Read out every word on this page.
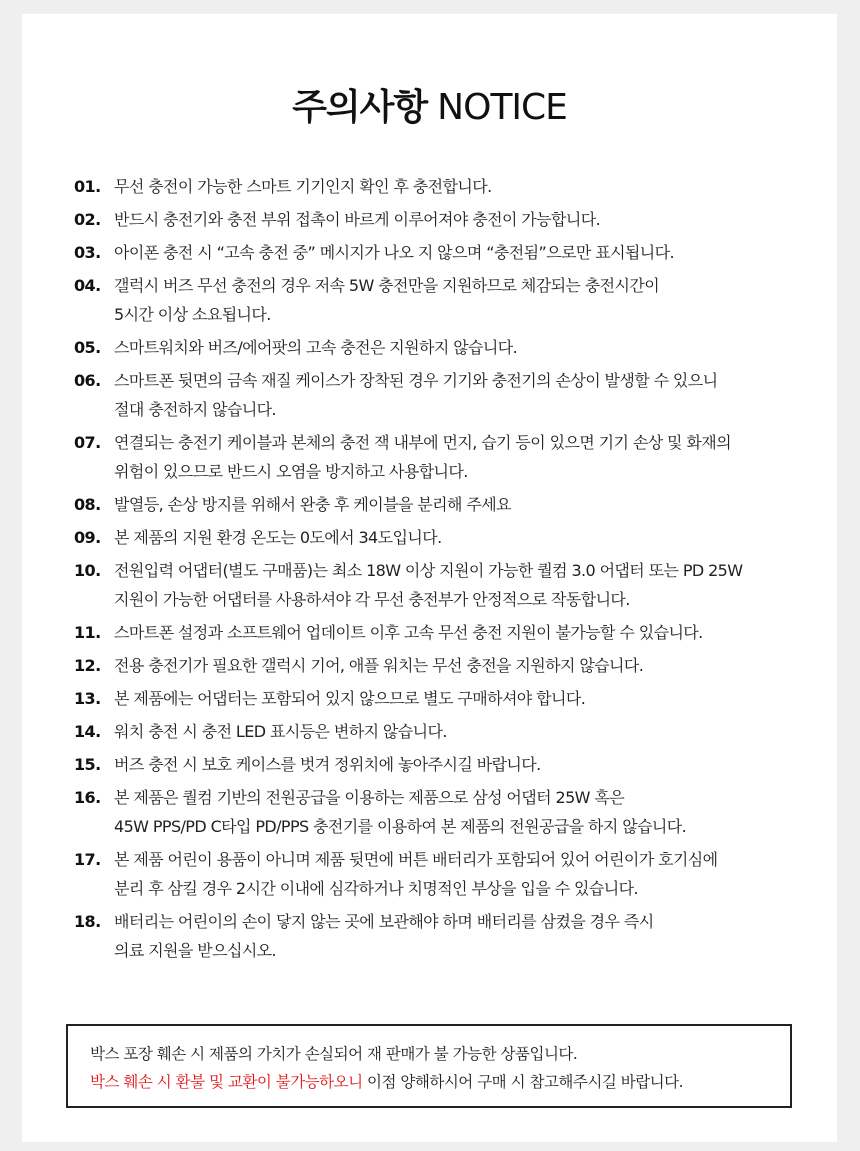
주의사항 NOTICE
01. 무선 충전이 가능한 스마트 기기인지 확인 후 충전합니다.
02. 반드시 충전기와 충전 부위 접촉이 바르게 이루어져야 충전이 가능합니다.
03. 아이폰 충전 시 “고속 충전 중” 메시지가 나오 지 않으며 “충전됨”으로만 표시됩니다.
04. 갤럭시 버즈 무선 충전의 경우 저속 5W 충전만을 지원하므로 체감되는 충전시간이
5시간 이상 소요됩니다.
05. 스마트워치와 버즈/에어팟의 고속 충전은 지원하지 않습니다.
06. 스마트폰 뒷면의 금속 재질 케이스가 장착된 경우 기기와 충전기의 손상이 발생할 수 있으니
절대 충전하지 않습니다.
07. 연결되는 충전기 케이블과 본체의 충전 잭 내부에 먼지, 습기 등이 있으면 기기 손상 및 화재의
위험이 있으므로 반드시 오염을 방지하고 사용합니다.
08. 발열등, 손상 방지를 위해서 완충 후 케이블을 분리해 주세요
09. 본 제품의 지원 환경 온도는 0도에서 34도입니다.
10. 전원입력 어댑터(별도 구매품)는 최소 18W 이상 지원이 가능한 퀄컴 3.0 어댑터 또는 PD 25W
지원이 가능한 어댑터를 사용하셔야 각 무선 충전부가 안정적으로 작동합니다.
11. 스마트폰 설정과 소프트웨어 업데이트 이후 고속 무선 충전 지원이 불가능할 수 있습니다.
12. 전용 충전기가 필요한 갤럭시 기어, 애플 워치는 무선 충전을 지원하지 않습니다.
13. 본 제품에는 어댑터는 포함되어 있지 않으므로 별도 구매하셔야 합니다.
14. 워치 충전 시 충전 LED 표시등은 변하지 않습니다.
15. 버즈 충전 시 보호 케이스를 벗겨 정위치에 놓아주시길 바랍니다.
16. 본 제품은 퀄컴 기반의 전원공급을 이용하는 제품으로 삼성 어댑터 25W 혹은
45W PPS/PD C타입 PD/PPS 충전기를 이용하여 본 제품의 전원공급을 하지 않습니다.
17. 본 제품 어린이 용품이 아니며 제품 뒷면에 버튼 배터리가 포함되어 있어 어린이가 호기심에
분리 후 삼킬 경우 2시간 이내에 심각하거나 치명적인 부상을 입을 수 있습니다.
18. 배터리는 어린이의 손이 닿지 않는 곳에 보관해야 하며 배터리를 삼켰을 경우 즉시
의료 지원을 받으십시오.
박스 포장 훼손 시 제품의 가치가 손실되어 재 판매가 불 가능한 상품입니다.
박스 훼손 시 환불 및 교환이 불가능하오니 이점 양해하시어 구매 시 참고해주시길 바랍니다.
